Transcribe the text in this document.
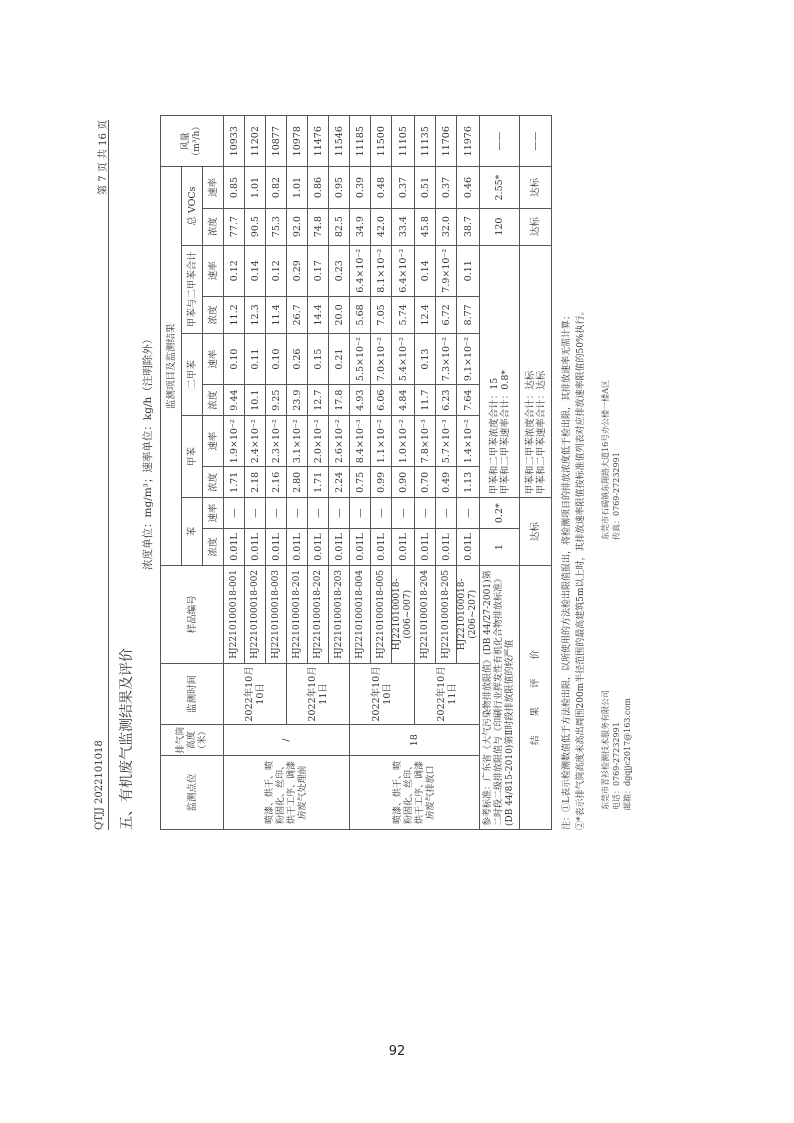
QTJJ 2022101018
第 7 页 共 16 页
五、有机废气监测结果及评价
浓度单位：mg/m³；速率单位：kg/h（注明除外）
监测点位	排气筒高度（米）	监测时间	样品编号	监测项目及监测结果										风量（m³/h）
				苯		甲苯		二甲苯		甲苯与二甲苯合计		总 VOCs		
				浓度	速率	浓度	速率	浓度	速率	浓度	速率	浓度	速率	
喷漆、烘干、喷粉固化、丝印、烘干工序、调漆房废气处理前	/	2022年10月10日	HJ2210100018-001	0.01L	—	1.71	1.9×10⁻²	9.44	0.10	11.2	0.12	77.7	0.85	10933
			HJ2210100018-002	0.01L	—	2.18	2.4×10⁻²	10.1	0.11	12.3	0.14	90.5	1.01	11202
			HJ2210100018-003	0.01L	—	2.16	2.3×10⁻²	9.25	0.10	11.4	0.12	75.3	0.82	10877
		2022年10月11日	HJ2210100018-201	0.01L	—	2.80	3.1×10⁻²	23.9	0.26	26.7	0.29	92.0	1.01	10978
			HJ2210100018-202	0.01L	—	1.71	2.0×10⁻²	12.7	0.15	14.4	0.17	74.8	0.86	11476
			HJ2210100018-203	0.01L	—	2.24	2.6×10⁻²	17.8	0.21	20.0	0.23	82.5	0.95	11546
喷漆、烘干、喷粉固化、丝印、烘干工序、调漆房废气排放口	18	2022年10月10日	HJ2210100018-004	0.01L	—	0.75	8.4×10⁻³	4.93	5.5×10⁻²	5.68	6.4×10⁻²	34.9	0.39	11185
			HJ2210100018-005	0.01L	—	0.99	1.1×10⁻²	6.06	7.0×10⁻²	7.05	8.1×10⁻²	42.0	0.48	11500
			HJ2210100018-(006~007)	0.01L	—	0.90	1.0×10⁻²	4.84	5.4×10⁻²	5.74	6.4×10⁻²	33.4	0.37	11105
		2022年10月11日	HJ2210100018-204	0.01L	—	0.70	7.8×10⁻³	11.7	0.13	12.4	0.14	45.8	0.51	11135
			HJ2210100018-205	0.01L	—	0.49	5.7×10⁻³	6.23	7.3×10⁻²	6.72	7.9×10⁻²	32.0	0.37	11706
			HJ2210100018-(206~207)	0.01L	—	1.13	1.4×10⁻²	7.64	9.1×10⁻²	8.77	0.11	38.7	0.46	11976
参考标准：广东省《大气污染物排放限值》(DB 44/27-2001)第二时段二级排放限值与《印刷行业挥发性有机化合物排放标准》(DB 44/815-2010)第Ⅱ时段排放限值的较严值				1	0.2*	甲苯和二甲苯浓度合计：15 甲苯和二甲苯速率合计：0.8*						120	2.55*	——
结　　果　　评　　价				达标		甲苯和二甲苯浓度合计：达标 甲苯和二甲苯速率合计：达标						达标	达标	——
注：①L表示检测数值低于方法检出限，以所使用的方法检出限值报出，将检测项目的排放浓度低于检出限，其排放速率无需计算； ②*表示排气筒高度未高出周围200m半径范围的最高建筑5m以上时，其排放速率限值按标准值列表对应排放速率限值的50%执行。 东莞市青衫检测技术服务有限公司 电话：0769-27232991 邮箱：dgqjjc2017@163.com
东莞市石碣镇东翔路大道16号办公楼一楼A区 传真：0769-27232991
92
